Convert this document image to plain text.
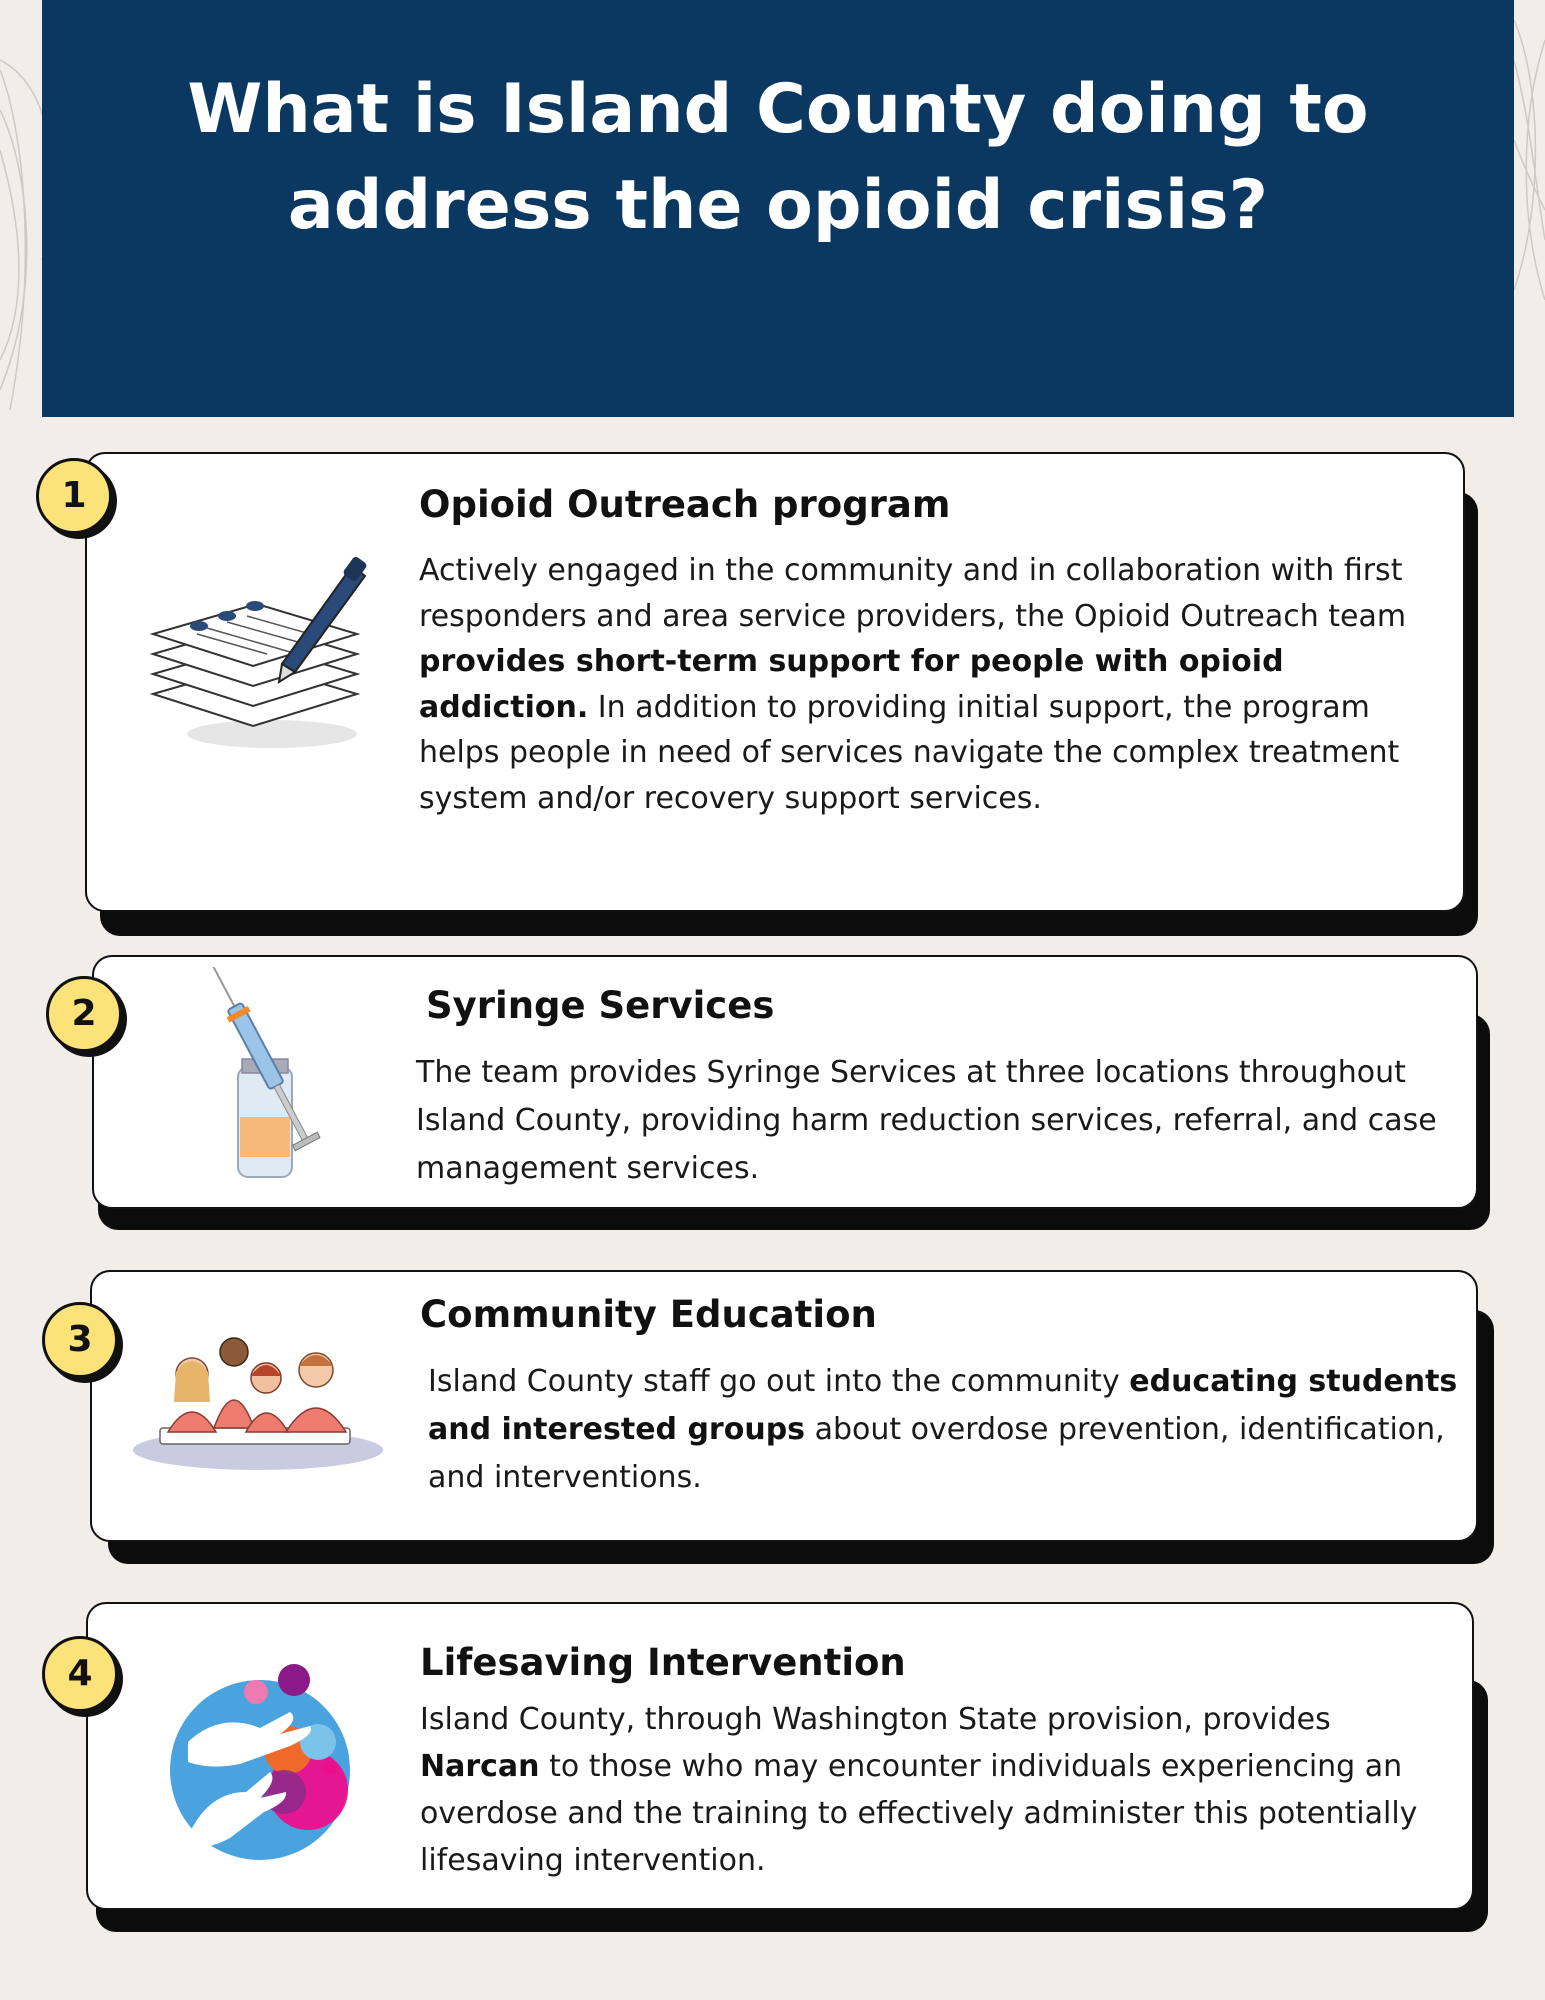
What is Island County doing to
address the opioid crisis?
Opioid Outreach program

Actively engaged in the community and in collaboration with first responders and area service providers, the Opioid Outreach team provides short-term support for people with opioid addiction. In addition to providing initial support, the program helps people in need of services navigate the complex treatment system and/or recovery support services.

1
Syringe Services

The team provides Syringe Services at three locations throughout Island County, providing harm reduction services, referral, and case management services.

2
Community Education

Island County staff go out into the community educating students and interested groups about overdose prevention, identification, and interventions.

3
Lifesaving Intervention

Island County, through Washington State provision, provides Narcan to those who may encounter individuals experiencing an overdose and the training to effectively administer this potentially lifesaving intervention.

4
